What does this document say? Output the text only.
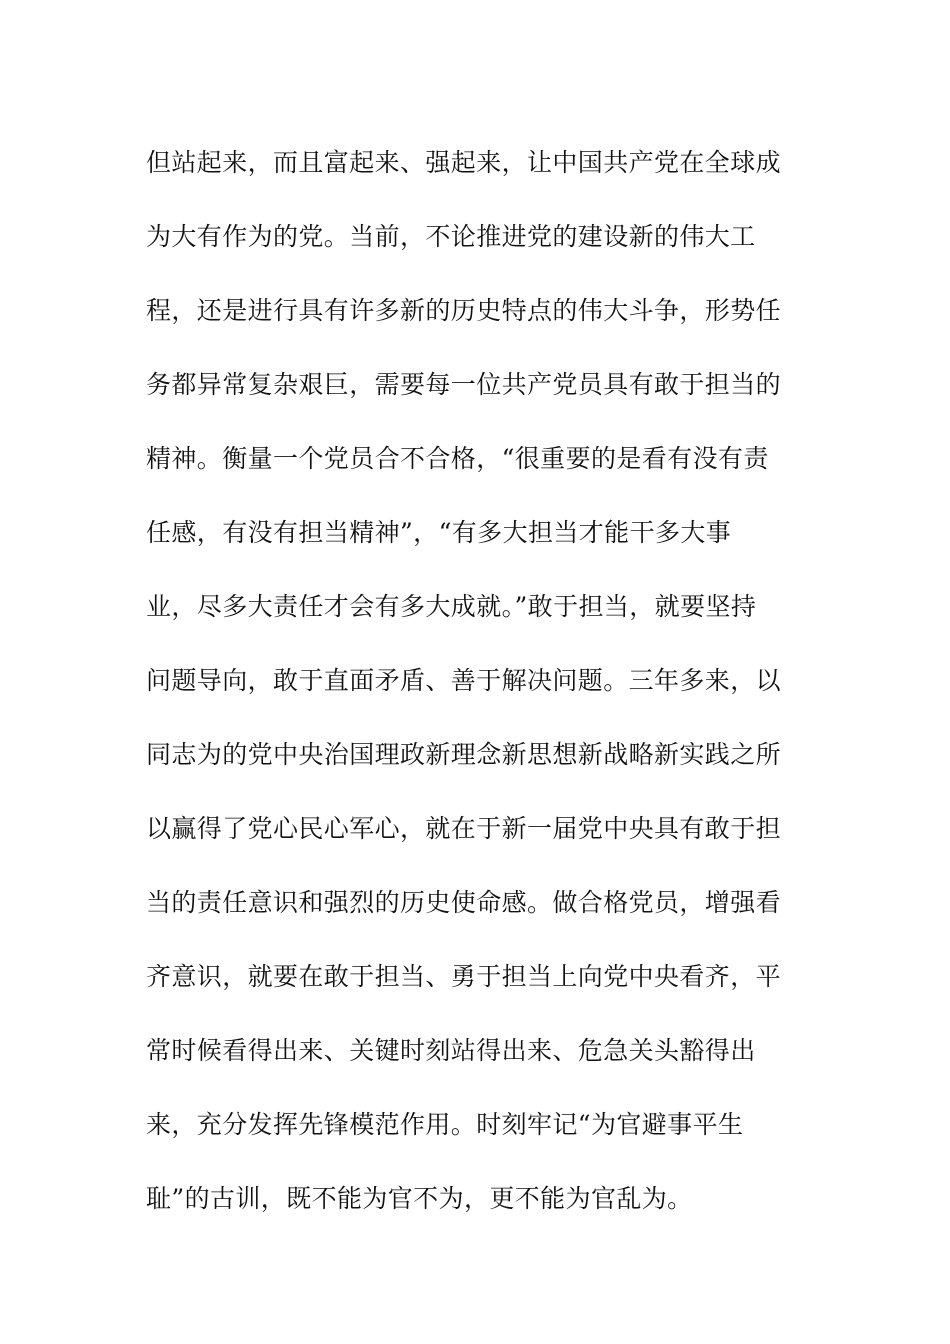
但站起来，而且富起来、强起来，让中国共产党在全球成
为大有作为的党。当前，不论推进党的建设新的伟大工
程，还是进行具有许多新的历史特点的伟大斗争，形势任
务都异常复杂艰巨，需要每一位共产党员具有敢于担当的
精神。衡量一个党员合不合格，“很重要的是看有没有责
任感，有没有担当精神”，“有多大担当才能干多大事
业，尽多大责任才会有多大成就。”敢于担当，就要坚持
问题导向，敢于直面矛盾、善于解决问题。三年多来，以
同志为的党中央治国理政新理念新思想新战略新实践之所
以赢得了党心民心军心，就在于新一届党中央具有敢于担
当的责任意识和强烈的历史使命感。做合格党员，增强看
齐意识，就要在敢于担当、勇于担当上向党中央看齐，平
常时候看得出来、关键时刻站得出来、危急关头豁得出
来，充分发挥先锋模范作用。时刻牢记“为官避事平生
耻”的古训，既不能为官不为，更不能为官乱为。
